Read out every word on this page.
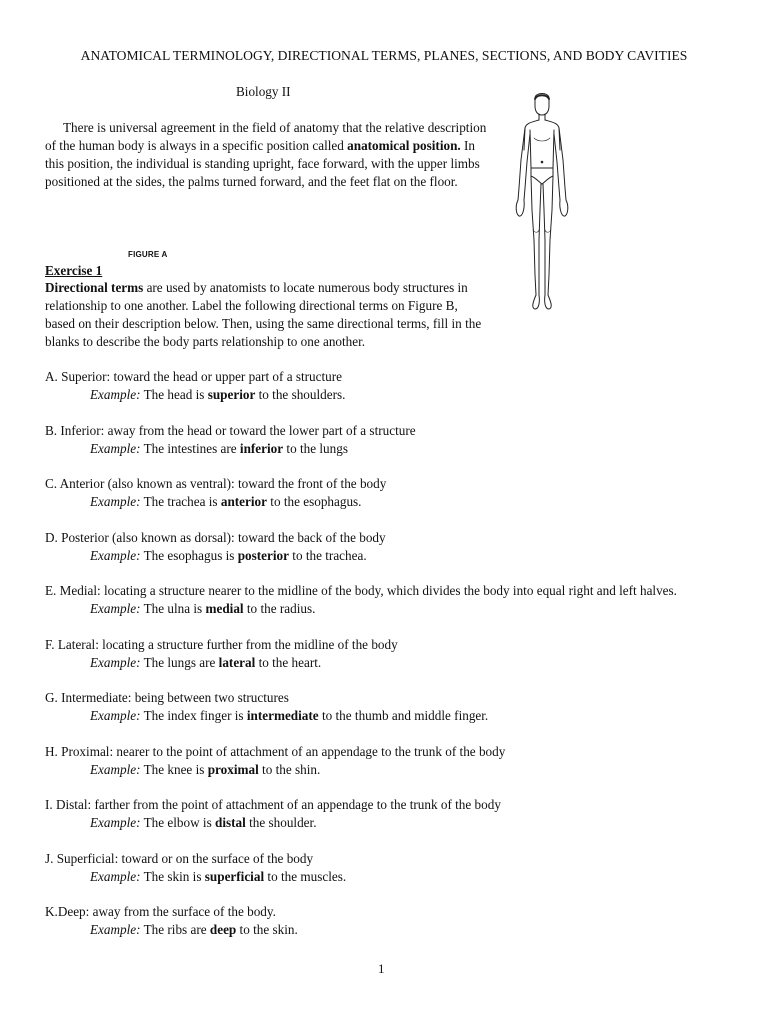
ANATOMICAL TERMINOLOGY, DIRECTIONAL TERMS, PLANES, SECTIONS, AND BODY CAVITIES
Biology II

There is universal agreement in the field of anatomy that the relative description of the human body is always in a specific position called anatomical position. In this position, the individual is standing upright, face forward, with the upper limbs positioned at the sides, the palms turned forward, and the feet flat on the floor.

FIGURE A
Exercise 1

Directional terms are used by anatomists to locate numerous body structures in relationship to one another. Label the following directional terms on Figure B, based on their description below. Then, using the same directional terms, fill in the blanks to describe the body parts relationship to one another.

A. Superior: toward the head or upper part of a structure
Example: The head is superior to the shoulders.
B. Inferior: away from the head or toward the lower part of a structure
Example: The intestines are inferior to the lungs
C. Anterior (also known as ventral): toward the front of the body
Example: The trachea is anterior to the esophagus.
D. Posterior (also known as dorsal): toward the back of the body
Example: The esophagus is posterior to the trachea.
E. Medial: locating a structure nearer to the midline of the body, which divides the body into equal right and left halves.
Example: The ulna is medial to the radius.
F. Lateral: locating a structure further from the midline of the body
Example: The lungs are lateral to the heart.
G. Intermediate: being between two structures
Example: The index finger is intermediate to the thumb and middle finger.
H. Proximal: nearer to the point of attachment of an appendage to the trunk of the body
Example: The knee is proximal to the shin.
I. Distal: farther from the point of attachment of an appendage to the trunk of the body
Example: The elbow is distal the shoulder.
J. Superficial: toward or on the surface of the body
Example: The skin is superficial to the muscles.
K.Deep: away from the surface of the body.
Example: The ribs are deep to the skin.
1
